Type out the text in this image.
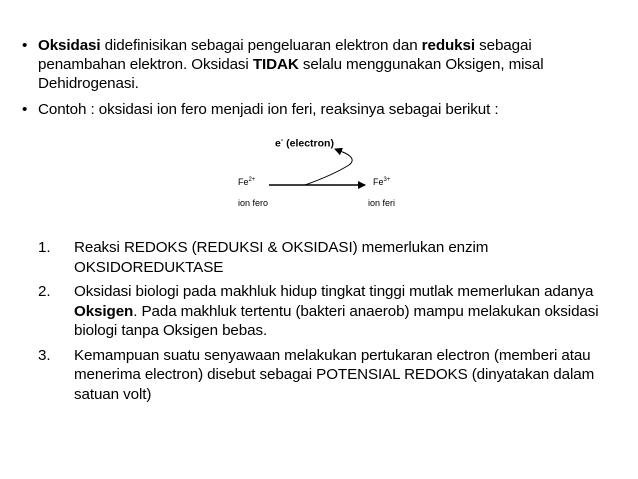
• Oksidasi didefinisikan sebagai pengeluaran elektron dan reduksi sebagai penambahan elektron. Oksidasi TIDAK selalu menggunakan Oksigen, misal Dehidrogenasi.
• Contoh : oksidasi ion fero menjadi ion feri, reaksinya sebagai berikut :
e- (electron)
$Fe^{2+}$	$Fe^{3+}$
ion fero	ion feri
1. Reaksi REDOKS (REDUKSI & OKSIDASI) memerlukan enzim OKSIDOREDUKTASE
2. Oksidasi biologi pada makhluk hidup tingkat tinggi mutlak memerlukan adanya Oksigen. Pada makhluk tertentu (bakteri anaerob) mampu melakukan oksidasi biologi tanpa Oksigen bebas.
3. Kemampuan suatu senyawaan melakukan pertukaran electron (memberi atau menerima electron) disebut sebagai POTENSIAL REDOKS (dinyatakan dalam satuan volt)
